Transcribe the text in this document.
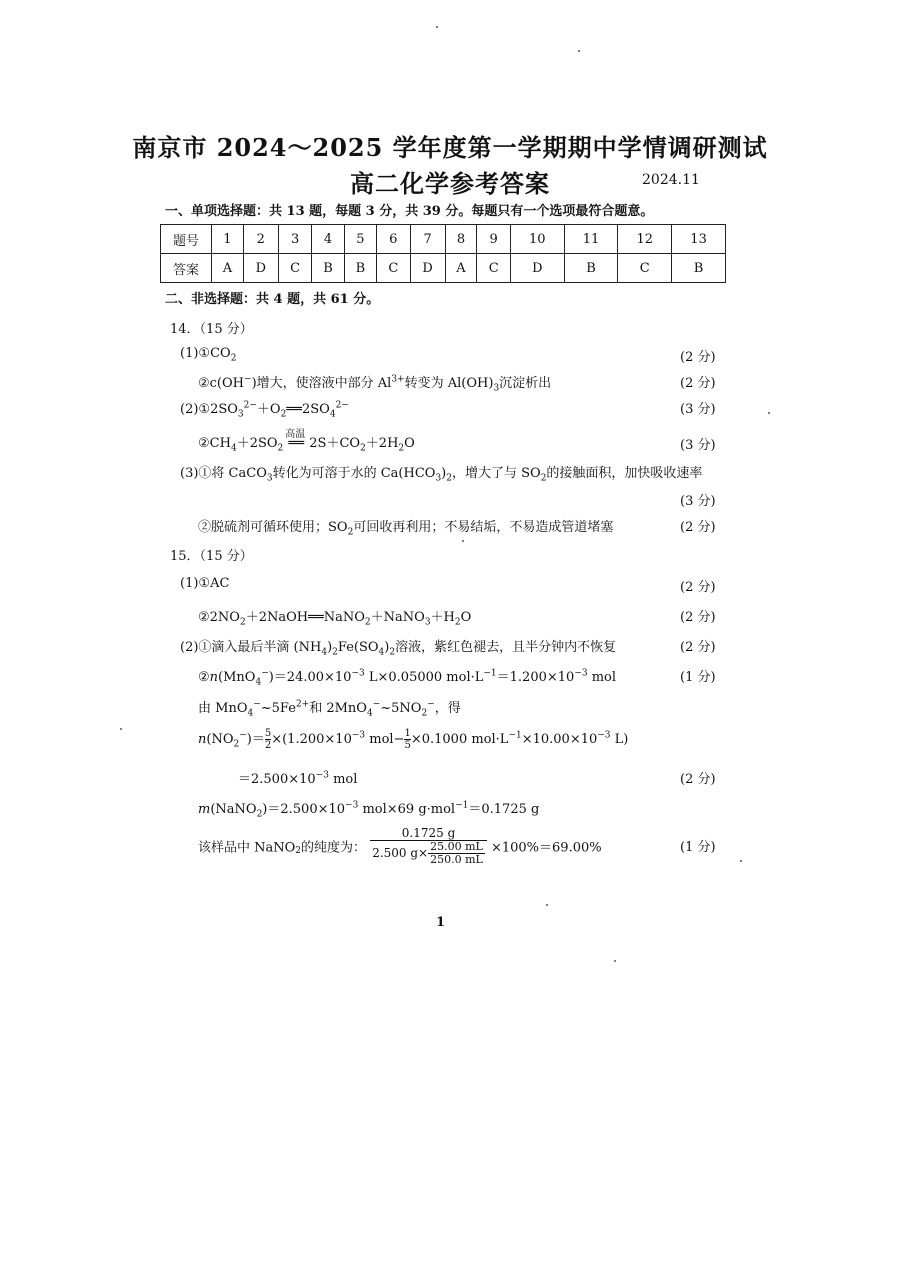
南京市 2024～2025 学年度第一学期期中学情调研测试
高二化学参考答案	2024.11
一、单项选择题：共 13 题，每题 3 分，共 39 分。每题只有一个选项最符合题意。
题号	1	2	3	4	5	6	7	8	9	10	11	12	13
答案	A	D	C	B	B	C	D	A	C	D	B	C	B
二、非选择题：共 4 题，共 61 分。
14．（15 分）
$(1)①CO_2$	(2 分)
②c(OH−)增大，使溶液中部分 $Al^{3+}$转变为 $Al(OH)_3$沉淀析出	(2 分)
$(2)①2SO_3^{2-}+O_2══2SO_4^{2-}$	(3 分)
$②CH_4+2SO_2$
高温
══ $2S+CO_2+2H_2O$	(3 分)
(3)①将 CaCO$_3$转化为可溶于水的 $Ca(HCO_3)_2$，增大了与 $SO_2$的接触面积，加快吸收速率
(3 分)
②脱硫剂可循环使用；$SO_2$可回收再利用；不易结垢，不易造成管道堵塞	(2 分)
15．（15 分）
(1)①AC	(2 分)
$②2NO_2+2NaOH══NaNO_2+NaNO_3+H_2O$	(2 分)
(2)①滴入最后半滴 $(NH_4)_2Fe(SO_4)_2$溶液，紫红色褪去，且半分钟内不恢复	(2 分)
$②n(MnO_4^-)=24.00\times 10^{-3}$ L×0.05000 $mol\cdot L^{-1}=1.200\times 10^{-3}$ mol	(1 分)
由 $MnO_4^-\sim 5Fe^{2+}$和 $2MnO_4^-\sim 5NO_2^-$，得
$n(NO_2^-)= \frac{5}{2}\times(1.200\times 10^{-3}$ $mol- \frac{1}{5}\times 0.1000$ $mol\cdot L^{-1}\times 10.00\times 10^{-3}$ L)
$=2.500\times 10^{-3}$ mol	(2 分)
$m(NaNO_2)=2.500\times 10^{-3}$ mol×69 g·mol$^{-1}$＝0.1725 g
该样品中 NaNO$_2$的纯度为： $\frac{0.1725 g}{2.500 g\times \frac{25.00 mL}{250.0 mL}} \times 100\%=69.00\%$	(1 分)
1
